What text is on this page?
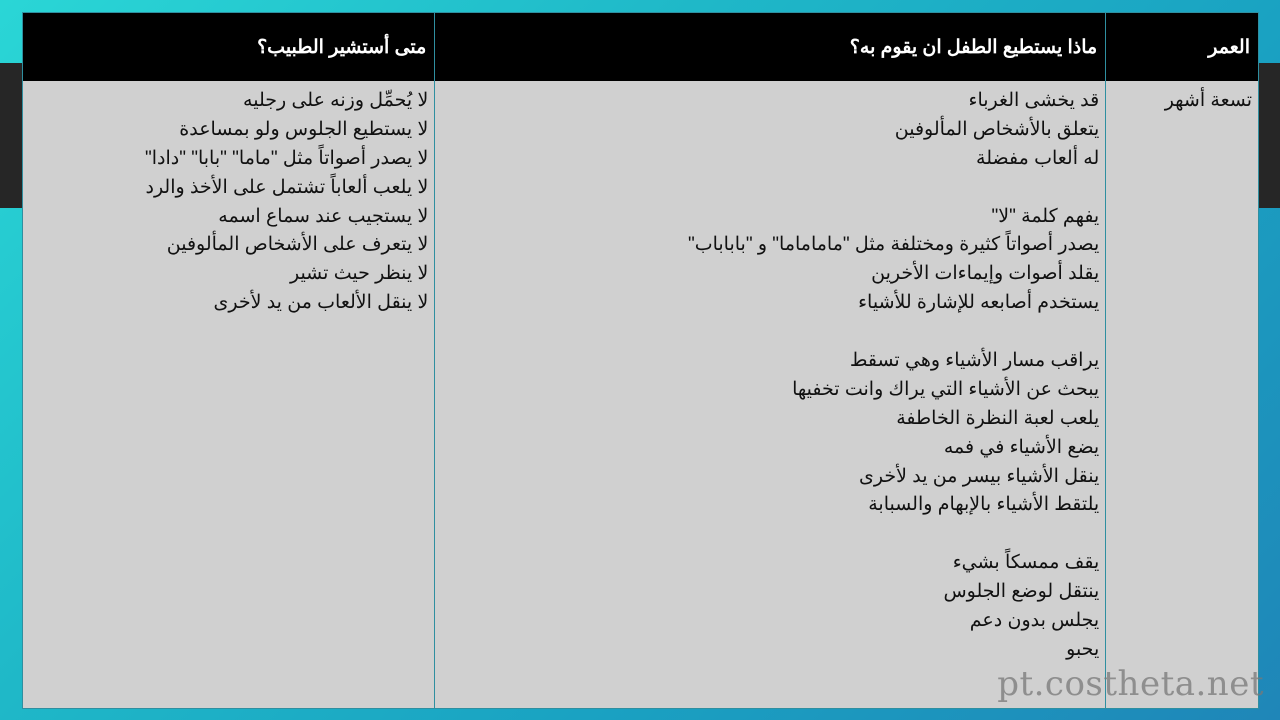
العمر
ماذا يستطيع الطفل ان يقوم به؟
متى أستشير الطبيب؟
تسعة أشهر
قد يخشى الغرباء
يتعلق بالأشخاص المألوفين
له ألعاب مفضلة
يفهم كلمة "لا"
يصدر أصواتاً كثيرة ومختلفة مثل "ماماماما" و "باباباب"
يقلد أصوات وإيماءات الأخرين
يستخدم أصابعه للإشارة للأشياء
يراقب مسار الأشياء وهي تسقط
يبحث عن الأشياء التي يراك وانت تخفيها
يلعب لعبة النظرة الخاطفة
يضع الأشياء في فمه
ينقل الأشياء بيسر من يد لأخرى
يلتقط الأشياء بالإبهام والسبابة
يقف ممسكاً بشيء
ينتقل لوضع الجلوس
يجلس بدون دعم
يحبو
لا يُحمِّل وزنه على رجليه
لا يستطيع الجلوس ولو بمساعدة
لا يصدر أصواتاً مثل "ماما" "بابا" "دادا"
لا يلعب ألعاباً تشتمل على الأخذ والرد
لا يستجيب عند سماع اسمه
لا يتعرف على الأشخاص المألوفين
لا ينظر حيث تشير
لا ينقل الألعاب من يد لأخرى
pt.costheta.net
